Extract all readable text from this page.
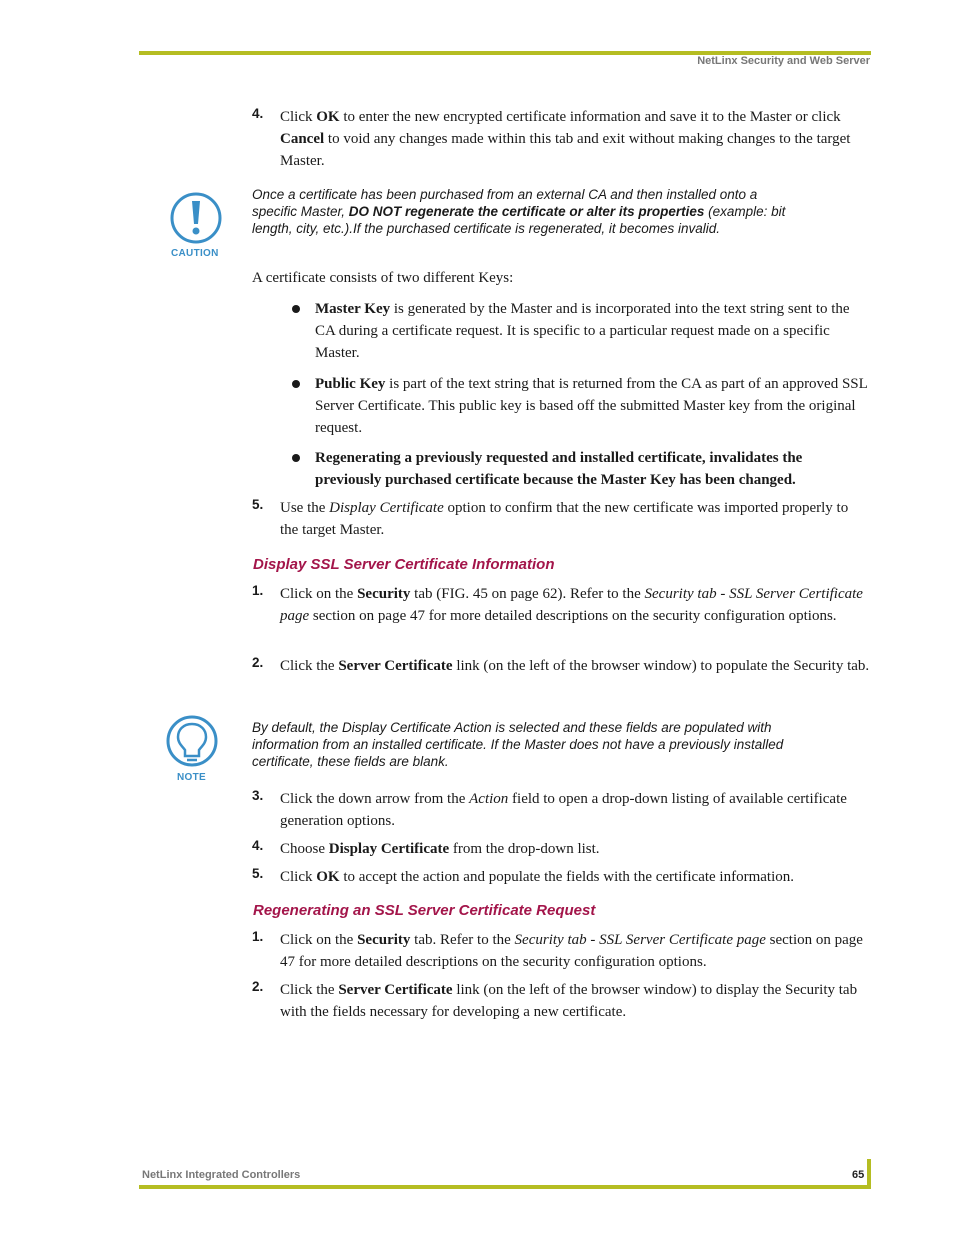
NetLinx Security and Web Server
4. Click OK to enter the new encrypted certificate information and save it to the Master or click Cancel to void any changes made within this tab and exit without making changes to the target Master.
CAUTION
Once a certificate has been purchased from an external CA and then installed onto a specific Master, DO NOT regenerate the certificate or alter its properties (example: bit length, city, etc.).If the purchased certificate is regenerated, it becomes invalid.
A certificate consists of two different Keys:
Master Key is generated by the Master and is incorporated into the text string sent to the CA during a certificate request. It is specific to a particular request made on a specific Master.
Public Key is part of the text string that is returned from the CA as part of an approved SSL Server Certificate. This public key is based off the submitted Master key from the original request.
Regenerating a previously requested and installed certificate, invalidates the previously purchased certificate because the Master Key has been changed.
5. Use the Display Certificate option to confirm that the new certificate was imported properly to the target Master.
Display SSL Server Certificate Information
1. Click on the Security tab (FIG. 45 on page 62). Refer to the Security tab - SSL Server Certificate page section on page 47 for more detailed descriptions on the security configuration options.
2. Click the Server Certificate link (on the left of the browser window) to populate the Security tab.
NOTE
By default, the Display Certificate Action is selected and these fields are populated with information from an installed certificate. If the Master does not have a previously installed certificate, these fields are blank.
3. Click the down arrow from the Action field to open a drop-down listing of available certificate generation options.
4. Choose Display Certificate from the drop-down list.
5. Click OK to accept the action and populate the fields with the certificate information.
Regenerating an SSL Server Certificate Request
1. Click on the Security tab. Refer to the Security tab - SSL Server Certificate page section on page 47 for more detailed descriptions on the security configuration options.
2. Click the Server Certificate link (on the left of the browser window) to display the Security tab with the fields necessary for developing a new certificate.
NetLinx Integrated Controllers	65
